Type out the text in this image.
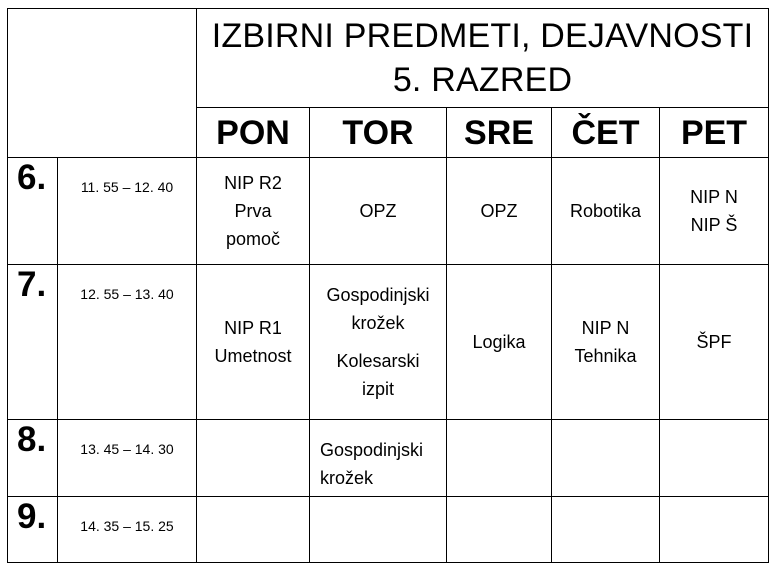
		IZBIRNI PREDMETI, DEJAVNOSTI
5. RAZRED				

		PON	TOR	SRE	ČET	PET
6.	11. 55 – 12. 40	NIP R2
Prva
pomoč	OPZ	OPZ	Robotika	NIP N
NIP Š

7.	12. 55 – 13. 40	NIP R1
Umetnost	Gospodinjski
krožek
Kolesarski
izpit	Logika	NIP N
Tehnika	ŠPF

8.	13. 45 – 14. 30		Gospodinjski
krožek			

9.	14. 35 – 15. 25					
